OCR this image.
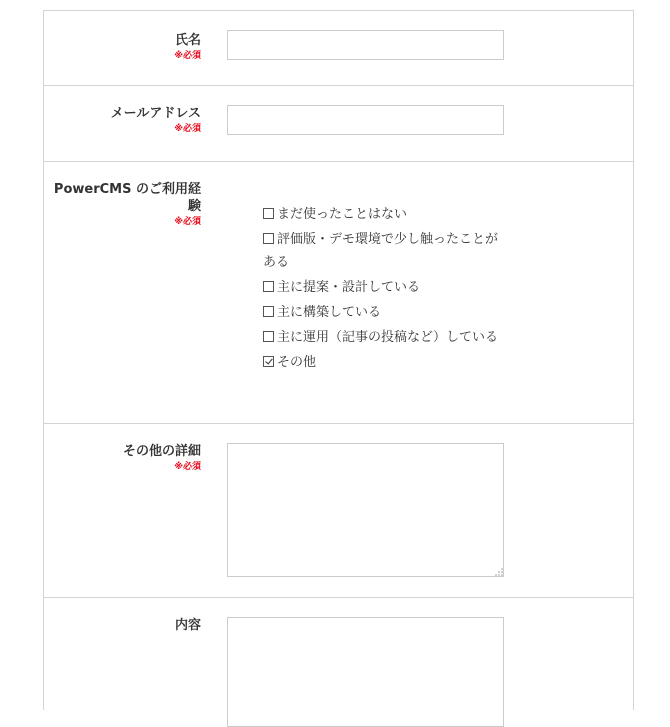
氏名
※必須
メールアドレス
※必須
PowerCMS のご利用経
験
※必須	まだ使ったことはない
評価版・デモ環境で少し触ったことがある
主に提案・設計している
主に構築している
主に運用（記事の投稿など）している
その他
その他の詳細
※必須
内容
